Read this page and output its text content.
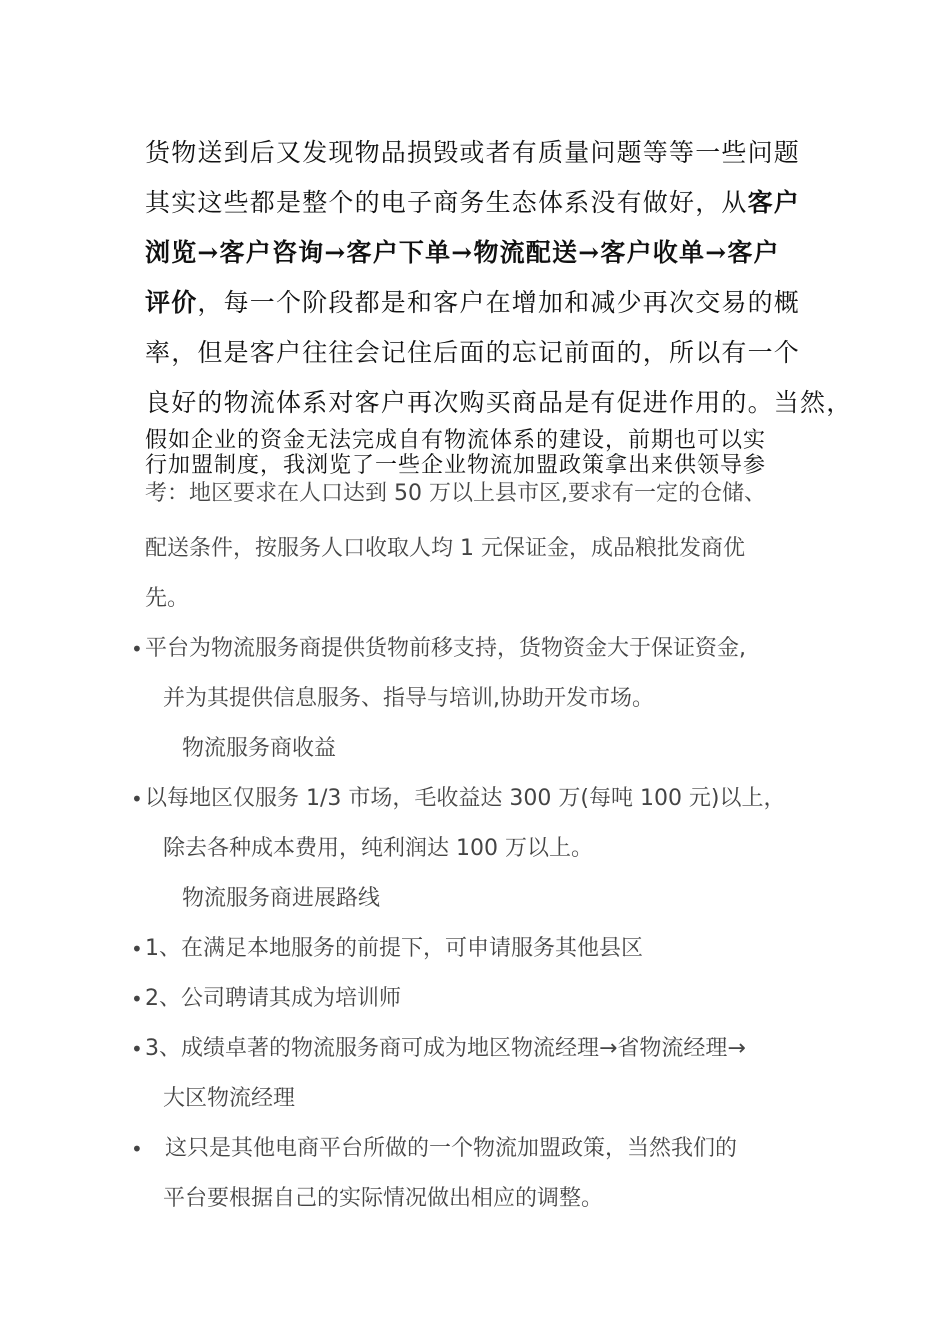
货物送到后又发现物品损毁或者有质量问题等等一些问题
其实这些都是整个的电子商务生态体系没有做好，从客户
浏览→客户咨询→客户下单→物流配送→客户收单→客户
评价，每一个阶段都是和客户在增加和减少再次交易的概
率，但是客户往往会记住后面的忘记前面的，所以有一个
良好的物流体系对客户再次购买商品是有促进作用的。当然，
假如企业的资金无法完成自有物流体系的建设，前期也可以实
行加盟制度，我浏览了一些企业物流加盟政策拿出来供领导参
考：地区要求在人口达到 50 万以上县市区,要求有一定的仓储、
配送条件，按服务人口收取人均 1 元保证金，成品粮批发商优
先。
• 平台为物流服务商提供货物前移支持，货物资金大于保证资金,
并为其提供信息服务、指导与培训,协助开发市场。
物流服务商收益
• 以每地区仅服务 1/3 市场，毛收益达 300 万(每吨 100 元)以上，
除去各种成本费用，纯利润达 100 万以上。
物流服务商进展路线
• 1、在满足本地服务的前提下，可申请服务其他县区
• 2、公司聘请其成为培训师
• 3、成绩卓著的物流服务商可成为地区物流经理→省物流经理→
大区物流经理
• 这只是其他电商平台所做的一个物流加盟政策，当然我们的
平台要根据自己的实际情况做出相应的调整。
